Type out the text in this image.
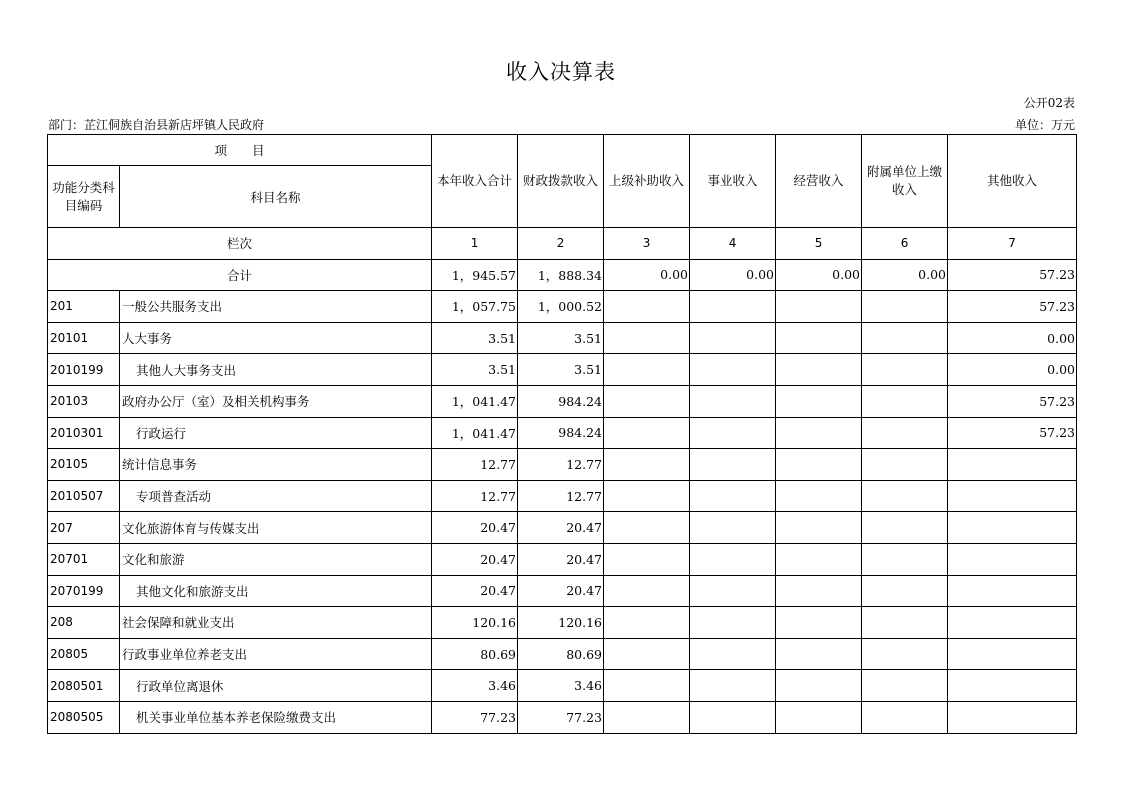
收入决算表
公开02表
部门：芷江侗族自治县新店坪镇人民政府	单位：万元
项　　目		本年收入合计	财政拨款收入	上级补助收入	事业收入	经营收入	附属单位上缴收入	其他收入
功能分类科目编码	科目名称							
栏次		1	2	3	4	5	6	7
合计		1，945.57	1，888.34	0.00	0.00	0.00	0.00	57.23
201	一般公共服务支出	1，057.75	1，000.52					57.23
20101	人大事务	3.51	3.51					0.00
2010199	其他人大事务支出	3.51	3.51					0.00
20103	政府办公厅（室）及相关机构事务	1，041.47	984.24					57.23
2010301	行政运行	1，041.47	984.24					57.23
20105	统计信息事务	12.77	12.77					
2010507	专项普查活动	12.77	12.77					
207	文化旅游体育与传媒支出	20.47	20.47					
20701	文化和旅游	20.47	20.47					
2070199	其他文化和旅游支出	20.47	20.47					
208	社会保障和就业支出	120.16	120.16					
20805	行政事业单位养老支出	80.69	80.69					
2080501	行政单位离退休	3.46	3.46					
2080505	机关事业单位基本养老保险缴费支出	77.23	77.23					
